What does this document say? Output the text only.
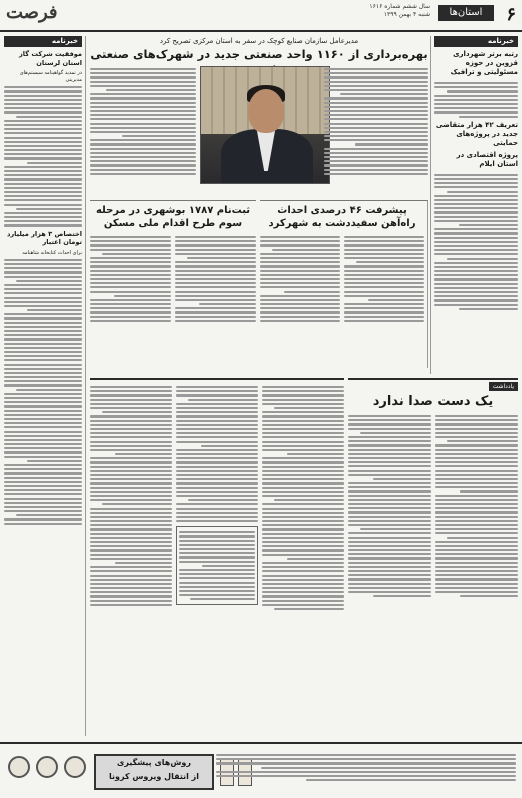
۶
استان‌ها
سال ششم شماره ۱۶۱۶
شنبه ۴ بهمن ۱۳۹۹
فرصت
خبرنامه
رتبه برتر شهرداری قزوین در حوزه مسئولیتی و ترافیک
تعریف ۴۲ هزار متقاضی جدید در پروژه‌های حمایتی
پروژه اقتصادی در استان ایلام
خبرنامه
موفقیت شرکت گاز استان لرستان
در تمدید گواهینامه سیستم‌های مدیریتی
اختصاص ۳ هزار میلیارد تومان اعتبار
برای احداث کتابخانه شاهنامه
مدیرعامل سازمان صنایع کوچک در سفر به استان مرکزی تصریح کرد
بهره‌برداری از ۱۱۶۰ واحد صنعتی جدید در شهرک‌های صنعتی
ثبت‌نام ۱۷۸۷ بوشهری در مرحله سوم طرح اقدام ملی مسکن
پیشرفت ۴۶ درصدی احداث راه‌آهن سفیددشت به شهرکرد
یادداشت
یک دست صدا ندارد
روش‌های پیشگیری
از انتقال ویروس کرونا
